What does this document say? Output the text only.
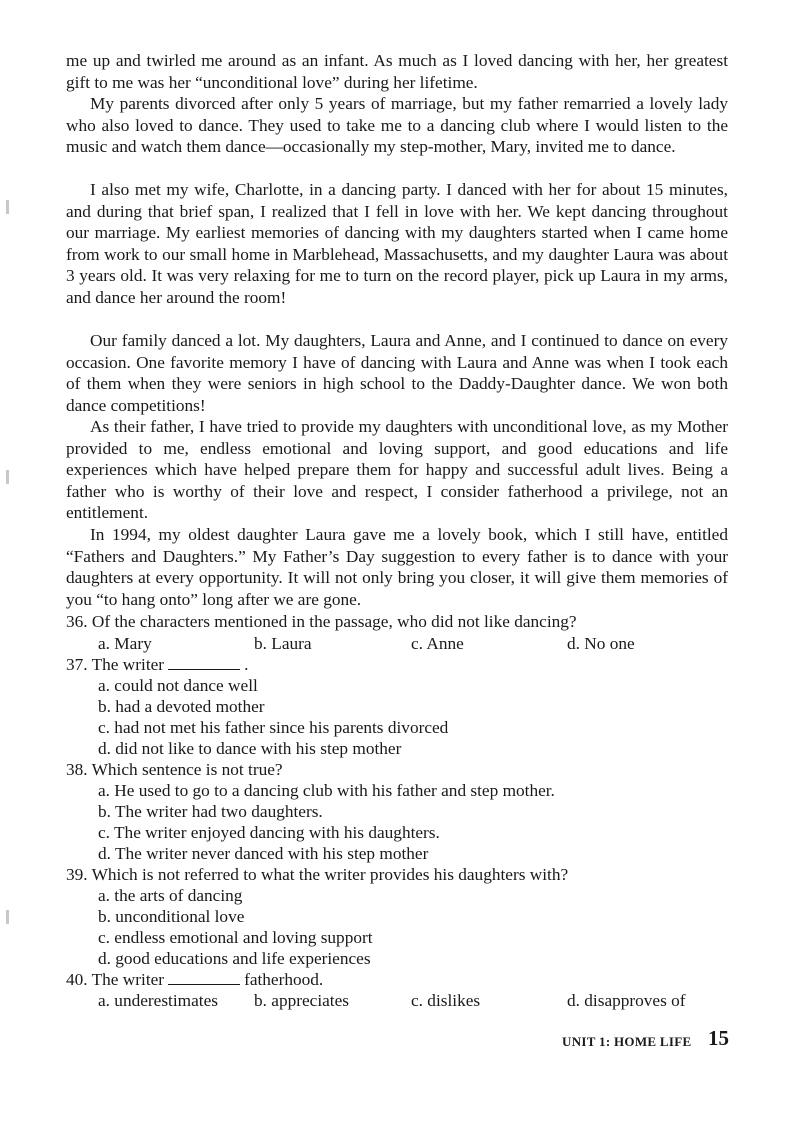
me up and twirled me around as an infant. As much as I loved dancing with her, her greatest gift to me was her “unconditional love” during her lifetime.

My parents divorced after only 5 years of marriage, but my father remarried a lovely lady who also loved to dance. They used to take me to a dancing club where I would listen to the music and watch them dance—occasionally my step-mother, Mary, invited me to dance.

I also met my wife, Charlotte, in a dancing party. I danced with her for about 15 minutes, and during that brief span, I realized that I fell in love with her. We kept dancing throughout our marriage. My earliest memories of dancing with my daughters started when I came home from work to our small home in Marblehead, Massachusetts, and my daughter Laura was about 3 years old. It was very relaxing for me to turn on the record player, pick up Laura in my arms, and dance her around the room!

Our family danced a lot. My daughters, Laura and Anne, and I continued to dance on every occasion. One favorite memory I have of dancing with Laura and Anne was when I took each of them when they were seniors in high school to the Daddy-Daughter dance. We won both dance competitions!

As their father, I have tried to provide my daughters with unconditional love, as my Mother provided to me, endless emotional and loving support, and good educations and life experiences which have helped prepare them for happy and successful adult lives. Being a father who is worthy of their love and respect, I consider fatherhood a privilege, not an entitlement.

In 1994, my oldest daughter Laura gave me a lovely book, which I still have, entitled “Fathers and Daughters.” My Father’s Day suggestion to every father is to dance with your daughters at every opportunity. It will not only bring you closer, it will give them memories of you “to hang onto” long after we are gone.

36. Of the characters mentioned in the passage, who did not like dancing?
a. Mary	b. Laura	c. Anne	d. No one
37. The writer	.
a. could not dance well
b. had a devoted mother
c. had not met his father since his parents divorced
d. did not like to dance with his step mother
38. Which sentence is not true?
a. He used to go to a dancing club with his father and step mother.
b. The writer had two daughters.
c. The writer enjoyed dancing with his daughters.
d. The writer never danced with his step mother
39. Which is not referred to what the writer provides his daughters with?
a. the arts of dancing
b. unconditional love
c. endless emotional and loving support
d. good educations and life experiences
40. The writer	fatherhood.
a. underestimates b. appreciates	c. dislikes	d. disapproves of
UNIT 1: HOME LIFE 15
